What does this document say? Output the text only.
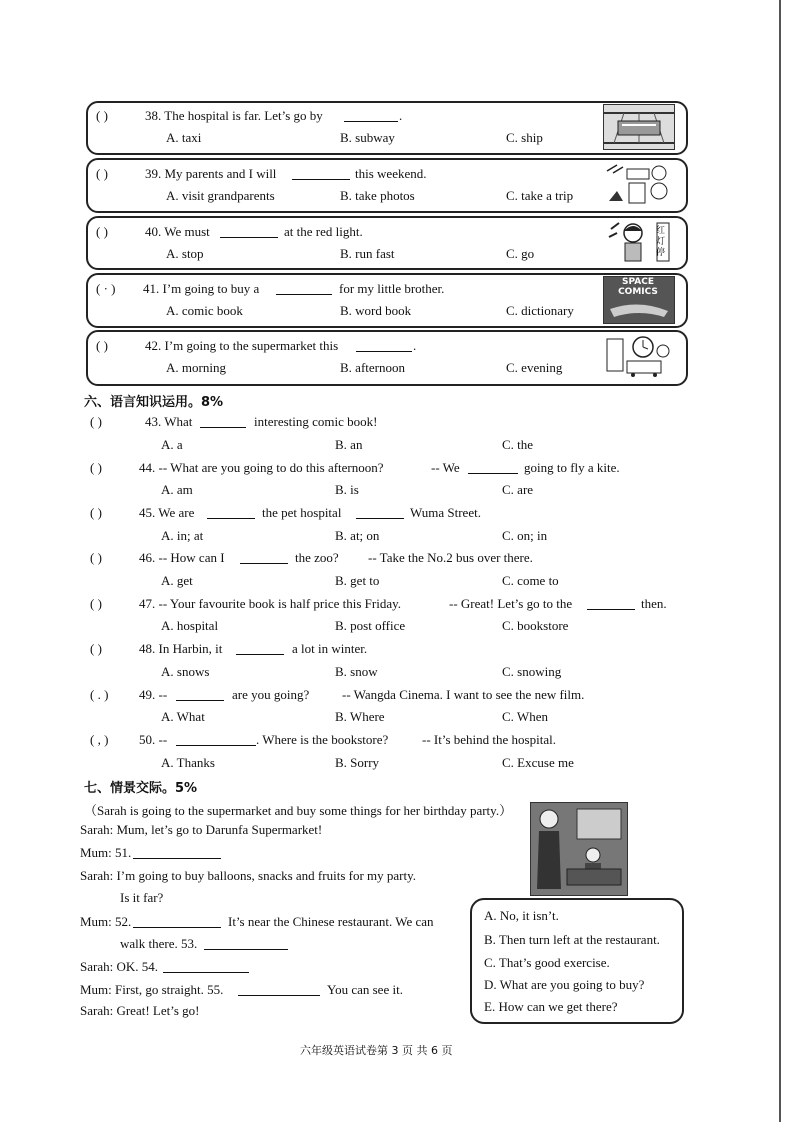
( )	38. The hospital is far. Let’s go by	.
A. taxi	B. subway	C. ship
( )	39. My parents and I will	this weekend.
A. visit grandparents	B. take photos	C. take a trip
( )	40. We must	at the red light.
A. stop	B. run fast	C. go
红灯停
( · ) 41. I’m going to buy a	for my little brother.
A. comic book	B. word book	C. dictionary
SPACE COMICS
( )	42. I’m going to the supermarket this	.
A. morning	B. afternoon	C. evening
六、语言知识运用。8%
( )	43. What	interesting comic book!
A. a	B. an	C. the
( )	44. -- What are you going to do this afternoon?	-- We	going to fly a kite.
A. am	B. is	C. are
( )	45. We are	the pet hospital	Wuma Street.
A. in; at	B. at; on	C. on; in
( )	46. -- How can I	the zoo? -- Take the No.2 bus over there.
A. get	B. get to	C. come to
( )	47. -- Your favourite book is half price this Friday.	-- Great! Let’s go to the	then.
A. hospital	B. post office	C. bookstore
( )	48. In Harbin, it	a lot in winter.
A. snows	B. snow	C. snowing
( . ) 49. --	are you going?	-- Wangda Cinema. I want to see the new film.
A. What	B. Where	C. When
( , ) 50. --	. Where is the bookstore?	-- It’s behind the hospital.
A. Thanks	B. Sorry	C. Excuse me
七、情景交际。5%
（Sarah is going to the supermarket and buy some things for her birthday party.）
Sarah: Mum, let’s go to Darunfa Supermarket!
Mum: 51.
Sarah: I’m going to buy balloons, snacks and fruits for my party.
Is it far?
Mum: 52.	It’s near the Chinese restaurant. We can
walk there. 53.
Sarah: OK. 54.
Mum: First, go straight. 55.	You can see it.
Sarah: Great! Let’s go!
A. No, it isn’t.
B. Then turn left at the restaurant.
C. That’s good exercise.
D. What are you going to buy?
E. How can we get there?
六年级英语试卷第 3 页 共 6 页
